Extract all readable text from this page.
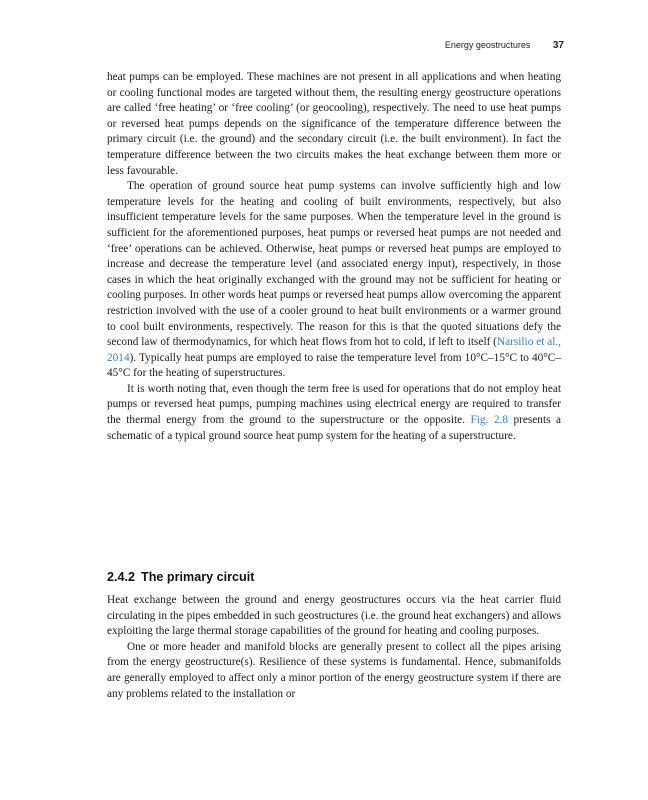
Energy geostructures 37

heat pumps can be employed. These machines are not present in all applications and when heating or cooling functional modes are targeted without them, the resulting energy geostructure operations are called ‘free heating’ or ‘free cooling’ (or geocooling), respectively. The need to use heat pumps or reversed heat pumps depends on the significance of the temperature difference between the primary circuit (i.e. the ground) and the secondary circuit (i.e. the built environment). In fact the temperature difference between the two circuits makes the heat exchange between them more or less favourable.

The operation of ground source heat pump systems can involve sufficiently high and low temperature levels for the heating and cooling of built environments, respectively, but also insufficient temperature levels for the same purposes. When the temperature level in the ground is sufficient for the aforementioned purposes, heat pumps or reversed heat pumps are not needed and ‘free’ operations can be achieved. Otherwise, heat pumps or reversed heat pumps are employed to increase and decrease the temperature level (and associated energy input), respectively, in those cases in which the heat originally exchanged with the ground may not be sufficient for heating or cooling purposes. In other words heat pumps or reversed heat pumps allow overcoming the apparent restriction involved with the use of a cooler ground to heat built environments or a warmer ground to cool built environments, respectively. The reason for this is that the quoted situations defy the second law of thermodynamics, for which heat flows from hot to cold, if left to itself (Narsilio et al., 2014). Typically heat pumps are employed to raise the temperature level from 10°C–15°C to 40°C–45°C for the heating of superstructures.

It is worth noting that, even though the term free is used for operations that do not employ heat pumps or reversed heat pumps, pumping machines using electrical energy are required to transfer the thermal energy from the ground to the superstructure or the opposite. Fig. 2.8 presents a schematic of a typical ground source heat pump system for the heating of a superstructure.

2.4.2 The primary circuit

Heat exchange between the ground and energy geostructures occurs via the heat carrier fluid circulating in the pipes embedded in such geostructures (i.e. the ground heat exchangers) and allows exploiting the large thermal storage capabilities of the ground for heating and cooling purposes.

One or more header and manifold blocks are generally present to collect all the pipes arising from the energy geostructure(s). Resilience of these systems is fundamental. Hence, submanifolds are generally employed to affect only a minor portion of the energy geostructure system if there are any problems related to the installation or
